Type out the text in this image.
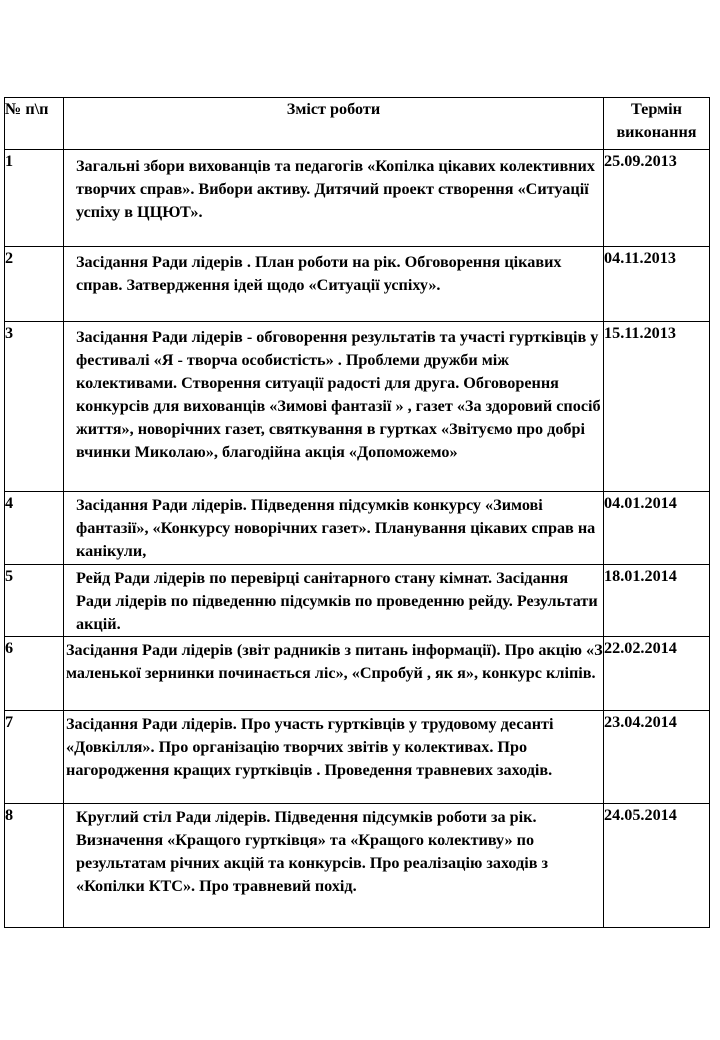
№ п\п	Зміст роботи	Термін виконання
1	Загальні збори вихованців та педагогів «Копілка цікавих колективних творчих справ». Вибори активу. Дитячий проект створення «Ситуації успіху в ЦЦЮТ».	25.09.2013
2	Засідання Ради лідерів . План роботи на рік. Обговорення цікавих справ. Затвердження ідей щодо «Ситуації успіху».	04.11.2013
3	Засідання Ради лідерів - обговорення результатів та участі гуртківців у фестивалі «Я - творча особистість» . Проблеми дружби між колективами. Створення ситуації радості для друга. Обговорення конкурсів для вихованців «Зимові фантазії » , газет «За здоровий спосіб життя», новорічних газет, святкування в гуртках «Звітуємо про добрі вчинки Миколаю», благодійна акція «Допоможемо»	15.11.2013
4	Засідання Ради лідерів. Підведення підсумків конкурсу «Зимові фантазії», «Конкурсу новорічних газет». Планування цікавих справ на канікули,	04.01.2014
5	Рейд Ради лідерів по перевірці санітарного стану кімнат. Засідання Ради лідерів по підведенню підсумків по проведенню рейду. Результати акцій.	18.01.2014
6	Засідання Ради лідерів (звіт радників з питань інформації). Про акцію «З маленької зернинки починається ліс», «Спробуй , як я», конкурс кліпів.	22.02.2014
7	Засідання Ради лідерів. Про участь гуртківців у трудовому десанті «Довкілля». Про організацію творчих звітів у колективах. Про нагородження кращих гуртківців . Проведення травневих заходів.	23.04.2014
8	Круглий стіл Ради лідерів. Підведення підсумків роботи за рік. Визначення «Кращого гуртківця» та «Кращого колективу» по результатам річних акцій та конкурсів. Про реалізацію заходів з «Копілки КТС». Про травневий похід.	24.05.2014
